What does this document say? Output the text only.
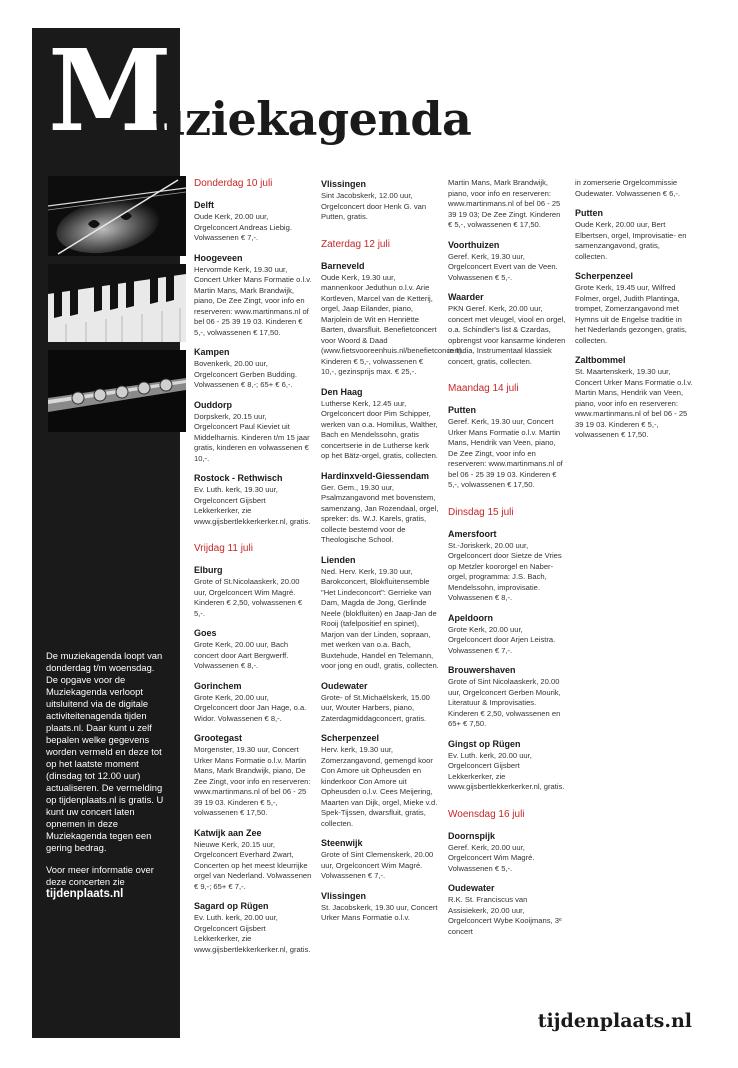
M
uziekagenda

De muziekagenda loopt van donderdag t/m woensdag. De opgave voor de Muziekagenda verloopt uitsluitend via de digitale activiteitenagenda tijden plaats.nl. Daar kunt u zelf bepalen welke gegevens worden vermeld en deze tot op het laatste moment (dinsdag tot 12.00 uur) actualiseren. De vermelding op tijdenplaats.nl is gratis. U kunt uw concert laten opnemen in deze Muziekagenda tegen een gering bedrag.

Voor meer informatie over deze concerten zie

tijdenplaats.nl
Donderdag 10 juli
Delft
Oude Kerk, 20.00 uur, Orgelconcert Andreas Liebig. Volwassenen € 7,-.
Hoogeveen
Hervormde Kerk, 19.30 uur, Concert Urker Mans Formatie o.l.v. Martin Mans, Mark Brandwijk, piano, De Zee Zingt, voor info en reserveren: www.martinmans.nl of bel 06 - 25 39 19 03. Kinderen € 5,-, volwassenen € 17,50.
Kampen
Bovenkerk, 20.00 uur, Orgelconcert Gerben Budding. Volwassenen € 8,-; 65+ € 6,-.
Ouddorp
Dorpskerk, 20.15 uur, Orgelconcert Paul Kieviet uit Middelharnis. Kinderen t/m 15 jaar gratis, kinderen en volwassenen € 10,-.
Rostock - Rethwisch
Ev. Luth. kerk, 19.30 uur, Orgelconcert Gijsbert Lekkerkerker, zie www.gijsbertlekkerkerker.nl, gratis.
Vrijdag 11 juli
Elburg
Grote of St.Nicolaaskerk, 20.00 uur, Orgelconcert Wim Magré. Kinderen € 2,50, volwassenen € 5,-.
Goes
Grote Kerk, 20.00 uur, Bach concert door Aart Bergwerff. Volwassenen € 8,-.
Gorinchem
Grote Kerk, 20.00 uur, Orgelconcert door Jan Hage, o.a. Widor. Volwassenen € 8,-.
Grootegast
Morgenster, 19.30 uur, Concert Urker Mans Formatie o.l.v. Martin Mans, Mark Brandwijk, piano, De Zee Zingt, voor info en reserveren: www.martinmans.nl of bel 06 - 25 39 19 03. Kinderen € 5,-, volwassenen € 17,50.
Katwijk aan Zee
Nieuwe Kerk, 20.15 uur, Orgelconcert Everhard Zwart, Concerten op het meest kleurrijke orgel van Nederland. Volwassenen € 9,-; 65+ € 7,-.
Sagard op Rügen
Ev. Luth. kerk, 20.00 uur, Orgelconcert Gijsbert Lekkerkerker, zie www.gijsbertlekkerkerker.nl, gratis.
Vlissingen
Sint Jacobskerk, 12.00 uur, Orgelconcert door Henk G. van Putten, gratis.
Zaterdag 12 juli
Barneveld
Oude Kerk, 19.30 uur, mannenkoor Jeduthun o.l.v. Arie Kortleven, Marcel van de Ketterij, orgel, Jaap Eilander, piano, Marjolein de Wit en Henriëtte Barten, dwarsfluit. Benefietconcert voor Woord & Daad (www.fietsvooreenhuis.nl/benefietconcert). Kinderen € 5,-, volwassenen € 10,-, gezinsprijs max. € 25,-.
Den Haag
Lutherse Kerk, 12.45 uur, Orgelconcert door Pim Schipper, werken van o.a. Homilius, Walther, Bach en Mendelssohn, gratis concertserie in de Lutherse kerk op het Bätz-orgel, gratis, collecten.
Hardinxveld-Giessendam
Ger. Gem., 19.30 uur, Psalmzangavond met bovenstem, samenzang, Jan Rozendaal, orgel, spreker: ds. W.J. Karels, gratis, collecte bestemd voor de Theologische School.
Lienden
Ned. Herv. Kerk, 19.30 uur, Barokconcert, Blokfluitensemble "Het Lindeconcort": Gerrieke van Dam, Magda de Jong, Gerlinde Neele (blokfluiten) en Jaap-Jan de Rooij (tafelpositief en spinet), Marjon van der Linden, sopraan, met werken van o.a. Bach, Buxtehude, Handel en Telemann, voor jong en oud!, gratis, collecten.
Oudewater
Grote- of St.Michaëlskerk, 15.00 uur, Wouter Harbers, piano, Zaterdagmiddagconcert, gratis.
Scherpenzeel
Herv. kerk, 19.30 uur, Zomerzangavond, gemengd koor Con Amore uit Opheusden en kinderkoor Con Amore uit Opheusden o.l.v. Cees Meijering, Maarten van Dijk, orgel, Mieke v.d. Spek-Tijssen, dwarsfluit, gratis, collecten.
Steenwijk
Grote of Sint Clemenskerk, 20.00 uur, Orgelconcert Wim Magré. Volwassenen € 7,-.
Vlissingen
St. Jacobskerk, 19.30 uur, Concert Urker Mans Formatie o.l.v.
Martin Mans, Mark Brandwijk, piano, voor info en reserveren: www.martinmans.nl of bel 06 - 25 39 19 03; De Zee Zingt. Kinderen € 5,-, volwassenen € 17,50.
Voorthuizen
Geref. Kerk, 19.30 uur, Orgelconcert Evert van de Veen. Volwassenen € 5,-.
Waarder
PKN Geref. Kerk, 20.00 uur, concert met vleugel, viool en orgel, o.a. Schindler's list & Czardas, opbrengst voor kansarme kinderen in India, Instrumentaal klassiek concert, gratis, collecten.
Maandag 14 juli
Putten
Geref. Kerk, 19.30 uur, Concert Urker Mans Formatie o.l.v. Martin Mans, Hendrik van Veen, piano, De Zee Zingt, voor info en reserveren: www.martinmans.nl of bel 06 - 25 39 19 03. Kinderen € 5,-, volwassenen € 17,50.
Dinsdag 15 juli
Amersfoort
St.-Joriskerk, 20.00 uur, Orgelconcert door Sietze de Vries op Metzler koororgel en Naber-orgel, programma: J.S. Bach, Mendelssohn, improvisatie. Volwassenen € 8,-.
Apeldoorn
Grote Kerk, 20.00 uur, Orgelconcert door Arjen Leistra. Volwassenen € 7,-.
Brouwershaven
Grote of Sint Nicolaaskerk, 20.00 uur, Orgelconcert Gerben Mourik, Literatuur & Improvisaties. Kinderen € 2,50, volwassenen en 65+ € 7,50.
Gingst op Rügen
Ev. Luth. kerk, 20.00 uur, Orgelconcert Gijsbert Lekkerkerker, zie www.gijsbertlekkerkerker.nl, gratis.
Woensdag 16 juli
Doornspijk
Geref. Kerk, 20.00 uur, Orgelconcert Wim Magré. Volwassenen € 5,-.
Oudewater
R.K. St. Franciscus van Assisiekerk, 20.00 uur, Orgelconcert Wybe Kooijmans, 3ᵉ concert
in zomerserie Orgelcommissie Oudewater. Volwassenen € 6,-.
Putten
Oude Kerk, 20.00 uur, Bert Elbertsen, orgel, Improvisatie- en samenzangavond, gratis, collecten.
Scherpenzeel
Grote Kerk, 19.45 uur, Wilfred Folmer, orgel, Judith Plantinga, trompet, Zomerzangavond met Hymns uit de Engelse traditie in het Nederlands gezongen, gratis, collecten.
Zaltbommel
St. Maartenskerk, 19.30 uur, Concert Urker Mans Formatie o.l.v. Martin Mans, Hendrik van Veen, piano, voor info en reserveren: www.martinmans.nl of bel 06 - 25 39 19 03. Kinderen € 5,-, volwassenen € 17,50.
tijdenplaats.nl
